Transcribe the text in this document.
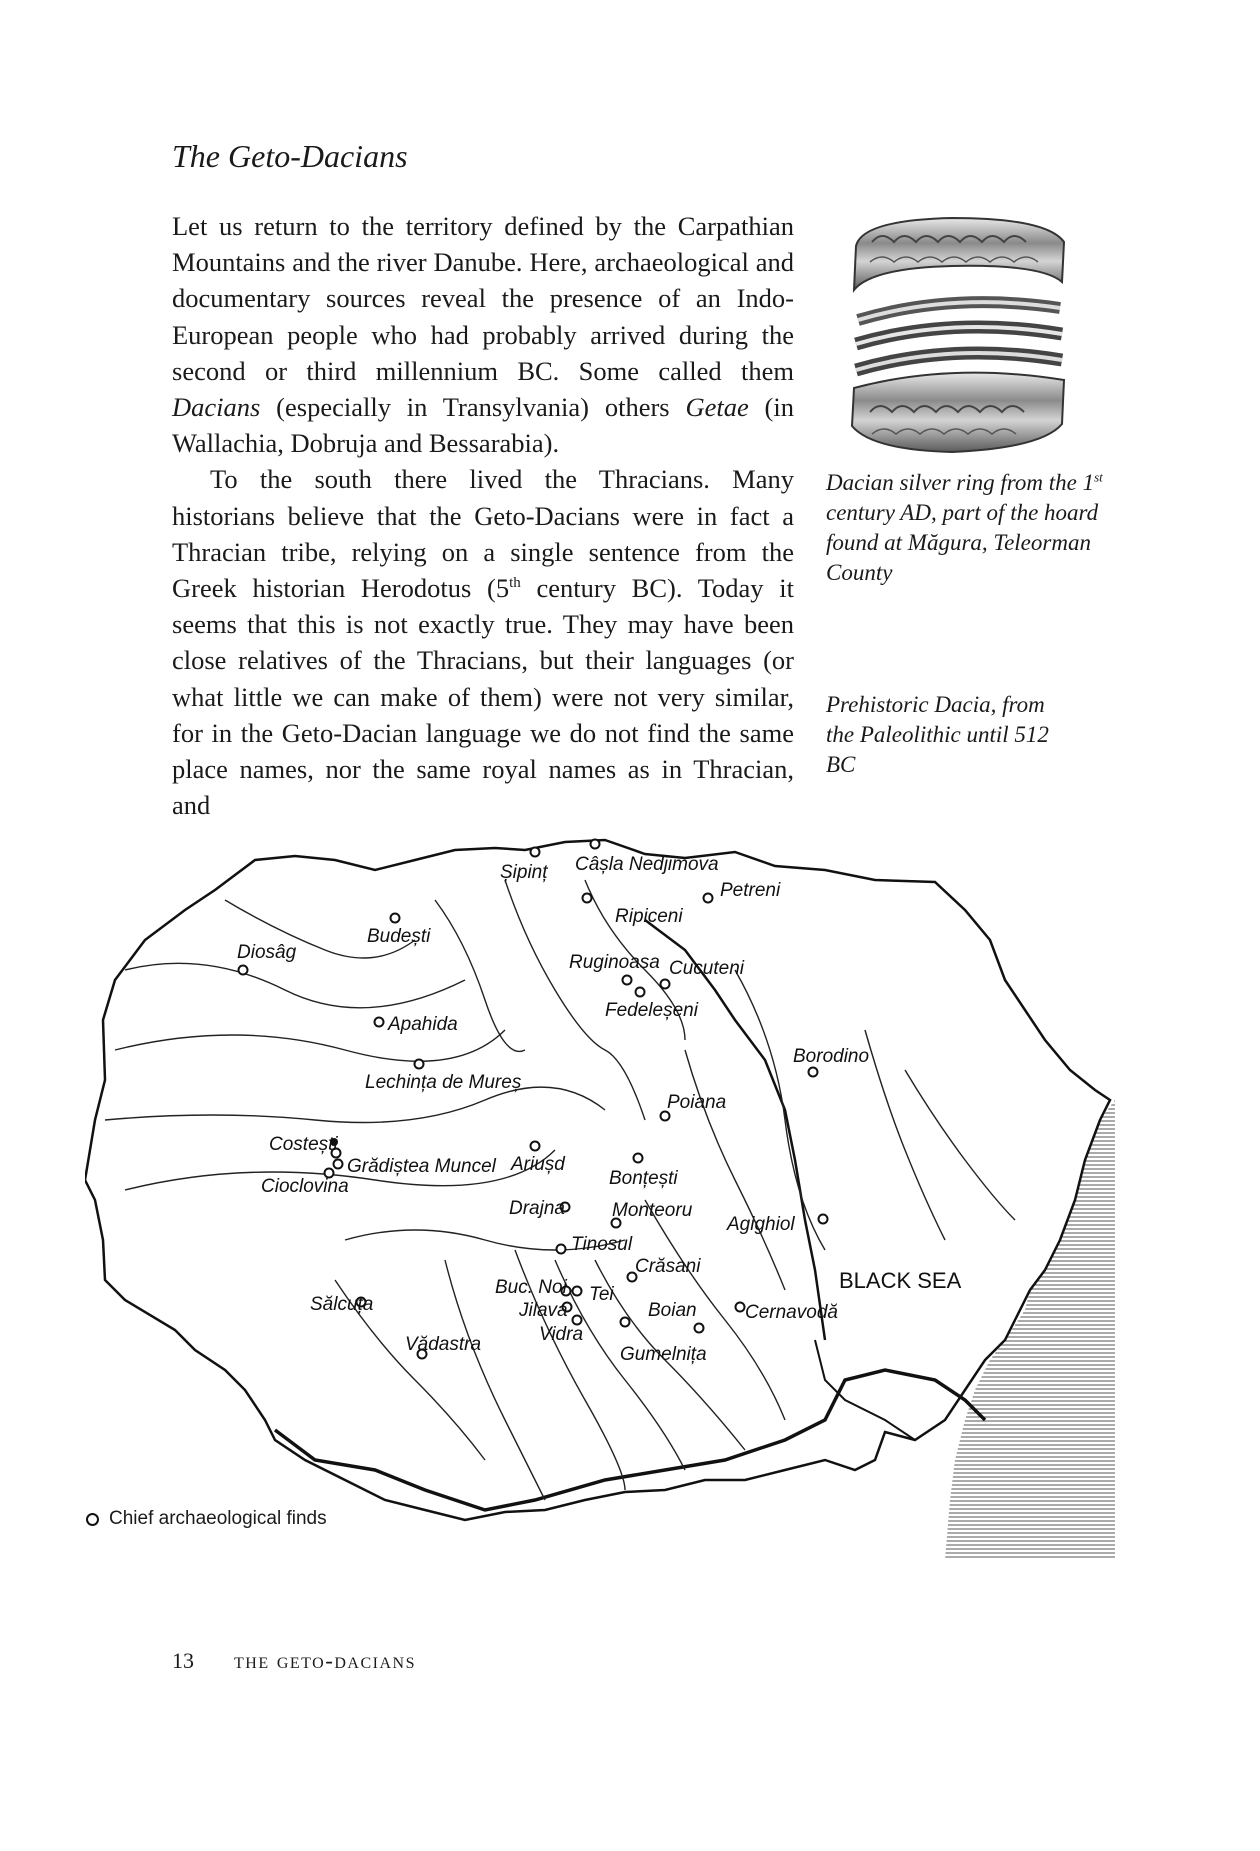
The Geto-Dacians

Let us return to the territory defined by the Carpathian Mountains and the river Danube. Here, archaeological and documentary sources reveal the presence of an Indo-European people who had probably arrived during the second or third millennium BC. Some called them Dacians (especially in Transylvania) others Getae (in Wallachia, Dobruja and Bessarabia).

To the south there lived the Thracians. Many historians believe that the Geto-Dacians were in fact a Thracian tribe, relying on a single sentence from the Greek historian Herodotus (5th century BC). Today it seems that this is not exactly true. They may have been close relatives of the Thracians, but their languages (or what little we can make of them) were not very similar, for in the Geto-Dacian language we do not find the same place names, nor the same royal names as in Thracian, and

Dacian silver ring from the 1st century AD, part of the hoard found at Măgura, Teleorman County
Prehistoric Dacia, from the Paleolithic until 512 BC
Șipinț Câșla Nedjimova
Petreni
Ripiceni
Budești
Diosâg	Ruginoasa Cucuteni
Fedeleșeni
Apahida
Borodino
Lechința de Mureș
Poiana
Costești
Grădiștea Muncel
Cioclovina
Ariușd
Bonțești
Drajna Monteoru
Agighiol
Tinosul
Crăsani
Buc. Noi Tei
Jilava	Boian
Vidra
Cernavodă
Sălcuța
Vădastra	Gumelnița
BLACK SEA
Chief archaeological finds
13 the geto-dacians
